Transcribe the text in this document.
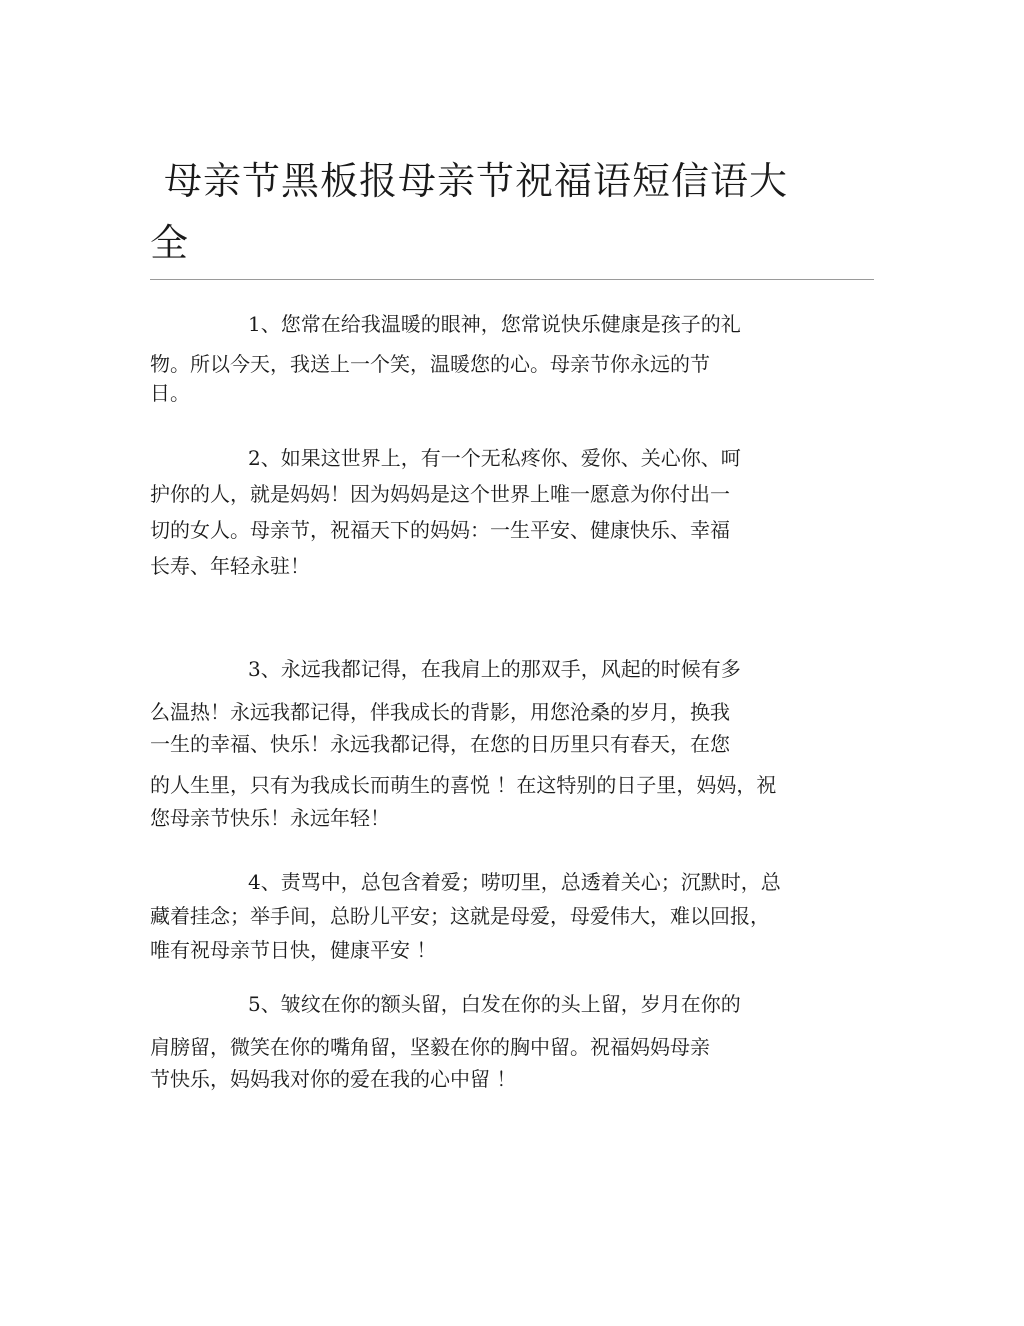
母亲节黑板报母亲节祝福语短信语大
全
1、您常在给我温暖的眼神，您常说快乐健康是孩子的礼
物。所以今天，我送上一个笑，温暖您的心。母亲节你永远的节
日。
2、如果这世界上，有一个无私疼你、爱你、关心你、呵
护你的人，就是妈妈！因为妈妈是这个世界上唯一愿意为你付出一
切的女人。母亲节，祝福天下的妈妈：一生平安、健康快乐、幸福
长寿、年轻永驻！
3、永远我都记得，在我肩上的那双手，风起的时候有多
么温热！永远我都记得，伴我成长的背影，用您沧桑的岁月，换我
一生的幸福、快乐！永远我都记得，在您的日历里只有春天，在您
的人生里，只有为我成长而萌生的喜悦 ！在这特别的日子里，妈妈，祝
您母亲节快乐！永远年轻！
4、责骂中，总包含着爱；唠叨里，总透着关心；沉默时，总
藏着挂念；举手间，总盼儿平安；这就是母爱，母爱伟大，难以回报，
唯有祝母亲节日快，健康平安 ！
5、皱纹在你的额头留，白发在你的头上留，岁月在你的
肩膀留，微笑在你的嘴角留，坚毅在你的胸中留。祝福妈妈母亲
节快乐，妈妈我对你的爱在我的心中留 ！
